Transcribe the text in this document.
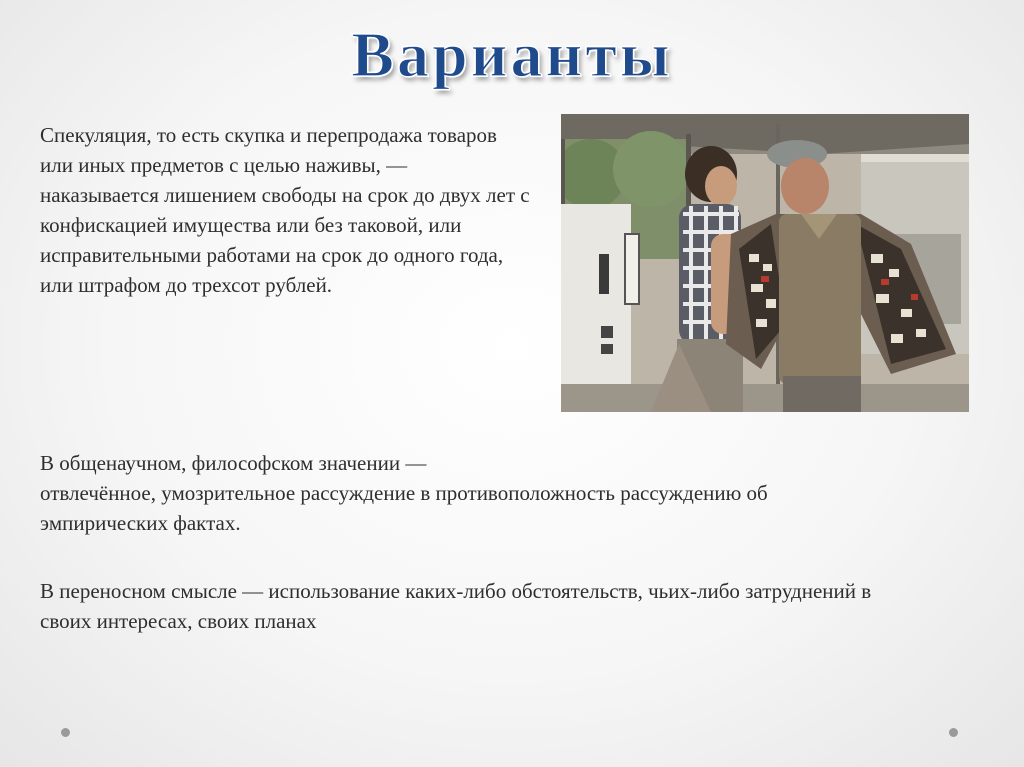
Варианты

Спекуляция, то есть скупка и перепродажа товаров или иных предметов с целью наживы, — наказывается лишением свободы на срок до двух лет с конфискацией имущества или без таковой, или исправительными работами на срок до одного года, или штрафом до трехсот рублей.

В общенаучном, философском значении —
отвлечённое, умозрительное рассуждение в противоположность рассуждению об эмпирических фактах.

В переносном смысле — использование каких-либо обстоятельств, чьих-либо затруднений в своих интересах, своих планах
